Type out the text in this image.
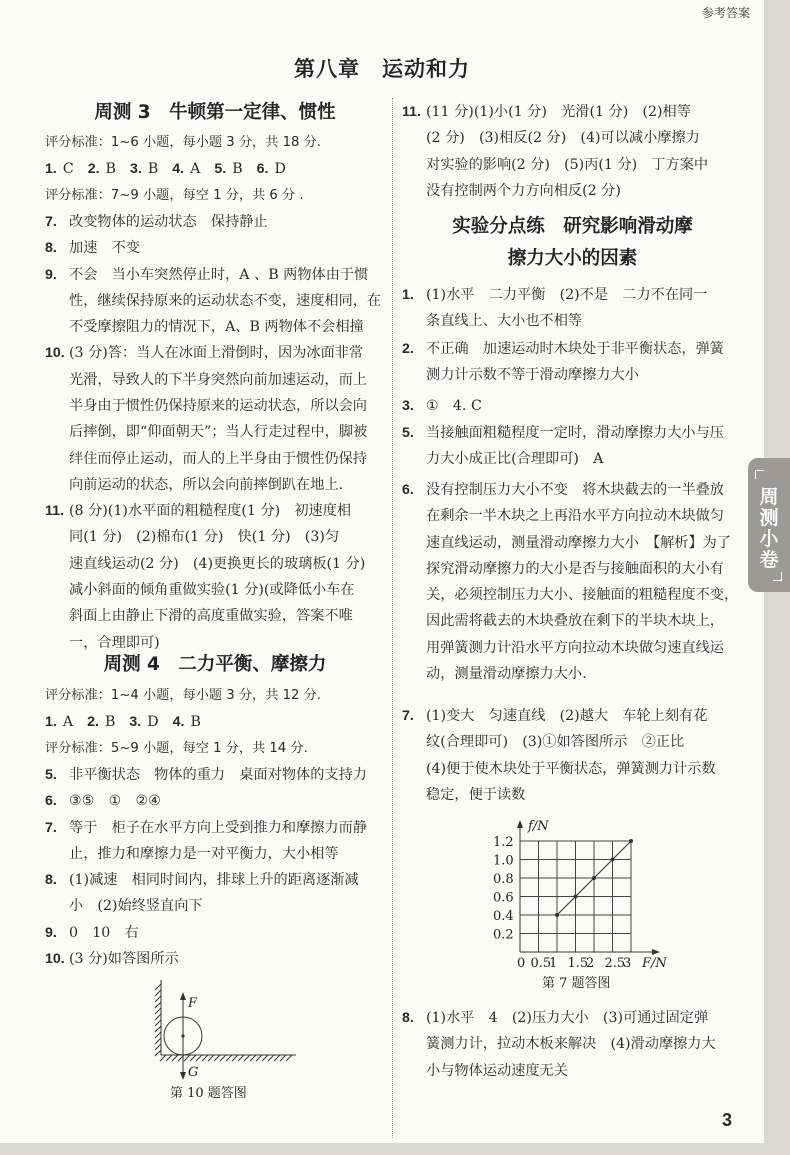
参考答案
第八章　运动和力
周测 3　牛顿第一定律、惯性
评分标准：1~6 小题，每小题 3 分，共 18 分.
1. C 2. B 3. B 4. A 5. B 6. D
评分标准：7~9 小题，每空 1 分，共 6 分 .
7. 改变物体的运动状态　保持静止
8. 加速　不变
9. 不会　当小车突然停止时，A 、B 两物体由于惯
性，继续保持原来的运动状态不变，速度相同，在
不受摩擦阻力的情况下，A、B 两物体不会相撞
10. (3 分)答：当人在冰面上滑倒时，因为冰面非常
光滑，导致人的下半身突然向前加速运动，而上
半身由于惯性仍保持原来的运动状态，所以会向
后摔倒，即“仰面朝天”；当人行走过程中，脚被
绊住而停止运动，而人的上半身由于惯性仍保持
向前运动的状态，所以会向前摔倒趴在地上.
11. (8 分)(1)水平面的粗糙程度(1 分)　初速度相
同(1 分)　(2)棉布(1 分)　快(1 分)　(3)匀
速直线运动(2 分)　(4)更换更长的玻璃板(1 分)
减小斜面的倾角重做实验(1 分)(或降低小车在
斜面上由静止下滑的高度重做实验，答案不唯
一，合理即可)
周测 4　二力平衡、摩擦力
评分标准：1~4 小题，每小题 3 分，共 12 分.
1. A 2. B 3. D 4. B
评分标准：5~9 小题，每空 1 分，共 14 分.
5. 非平衡状态　物体的重力　桌面对物体的支持力
6. ③⑤　①　②④
7. 等于　柜子在水平方向上受到推力和摩擦力而静
止，推力和摩擦力是一对平衡力，大小相等
8. (1)减速　相同时间内，排球上升的距离逐渐减
小　(2)始终竖直向下
9. 0　10　右
10. (3 分)如答图所示
F
G
第 10 题答图
11. (11 分)(1)小(1 分)　光滑(1 分)　(2)相等
(2 分)　(3)相反(2 分)　(4)可以减小摩擦力
对实验的影响(2 分)　(5)丙(1 分)　丁方案中
没有控制两个力方向相反(2 分)
实验分点练　研究影响滑动摩
擦力大小的因素
1. (1)水平　二力平衡　(2)不是　二力不在同一
条直线上、大小也不相等
2. 不正确　加速运动时木块处于非平衡状态，弹簧
测力计示数不等于滑动摩擦力大小
3. ①　4. C
5. 当接触面粗糙程度一定时，滑动摩擦力大小与压
力大小成正比(合理即可)　A
6. 没有控制压力大小不变　将木块截去的一半叠放
在剩余一半木块之上再沿水平方向拉动木块做匀
速直线运动，测量滑动摩擦力大小　【解析】为了
探究滑动摩擦力的大小是否与接触面积的大小有
关，必须控制压力大小、接触面的粗糙程度不变，
因此需将截去的木块叠放在剩下的半块木块上，
用弹簧测力计沿水平方向拉动木块做匀速直线运
动，测量滑动摩擦力大小.
7. (1)变大　匀速直线　(2)越大　车轮上刻有花
纹(合理即可)　(3)①如答图所示　②正比
(4)便于使木块处于平衡状态，弹簧测力计示数
稳定，便于读数
0 0.5
1 1.5
2 2.5
3
0.2
0.4
0.6
0.8
1.0
1.2
F/N
f/N
第 7 题答图
8. (1)水平　4　(2)压力大小　(3)可通过固定弹
簧测力计，拉动木板来解决　(4)滑动摩擦力大
小与物体运动速度无关
周
测
小
卷
3
